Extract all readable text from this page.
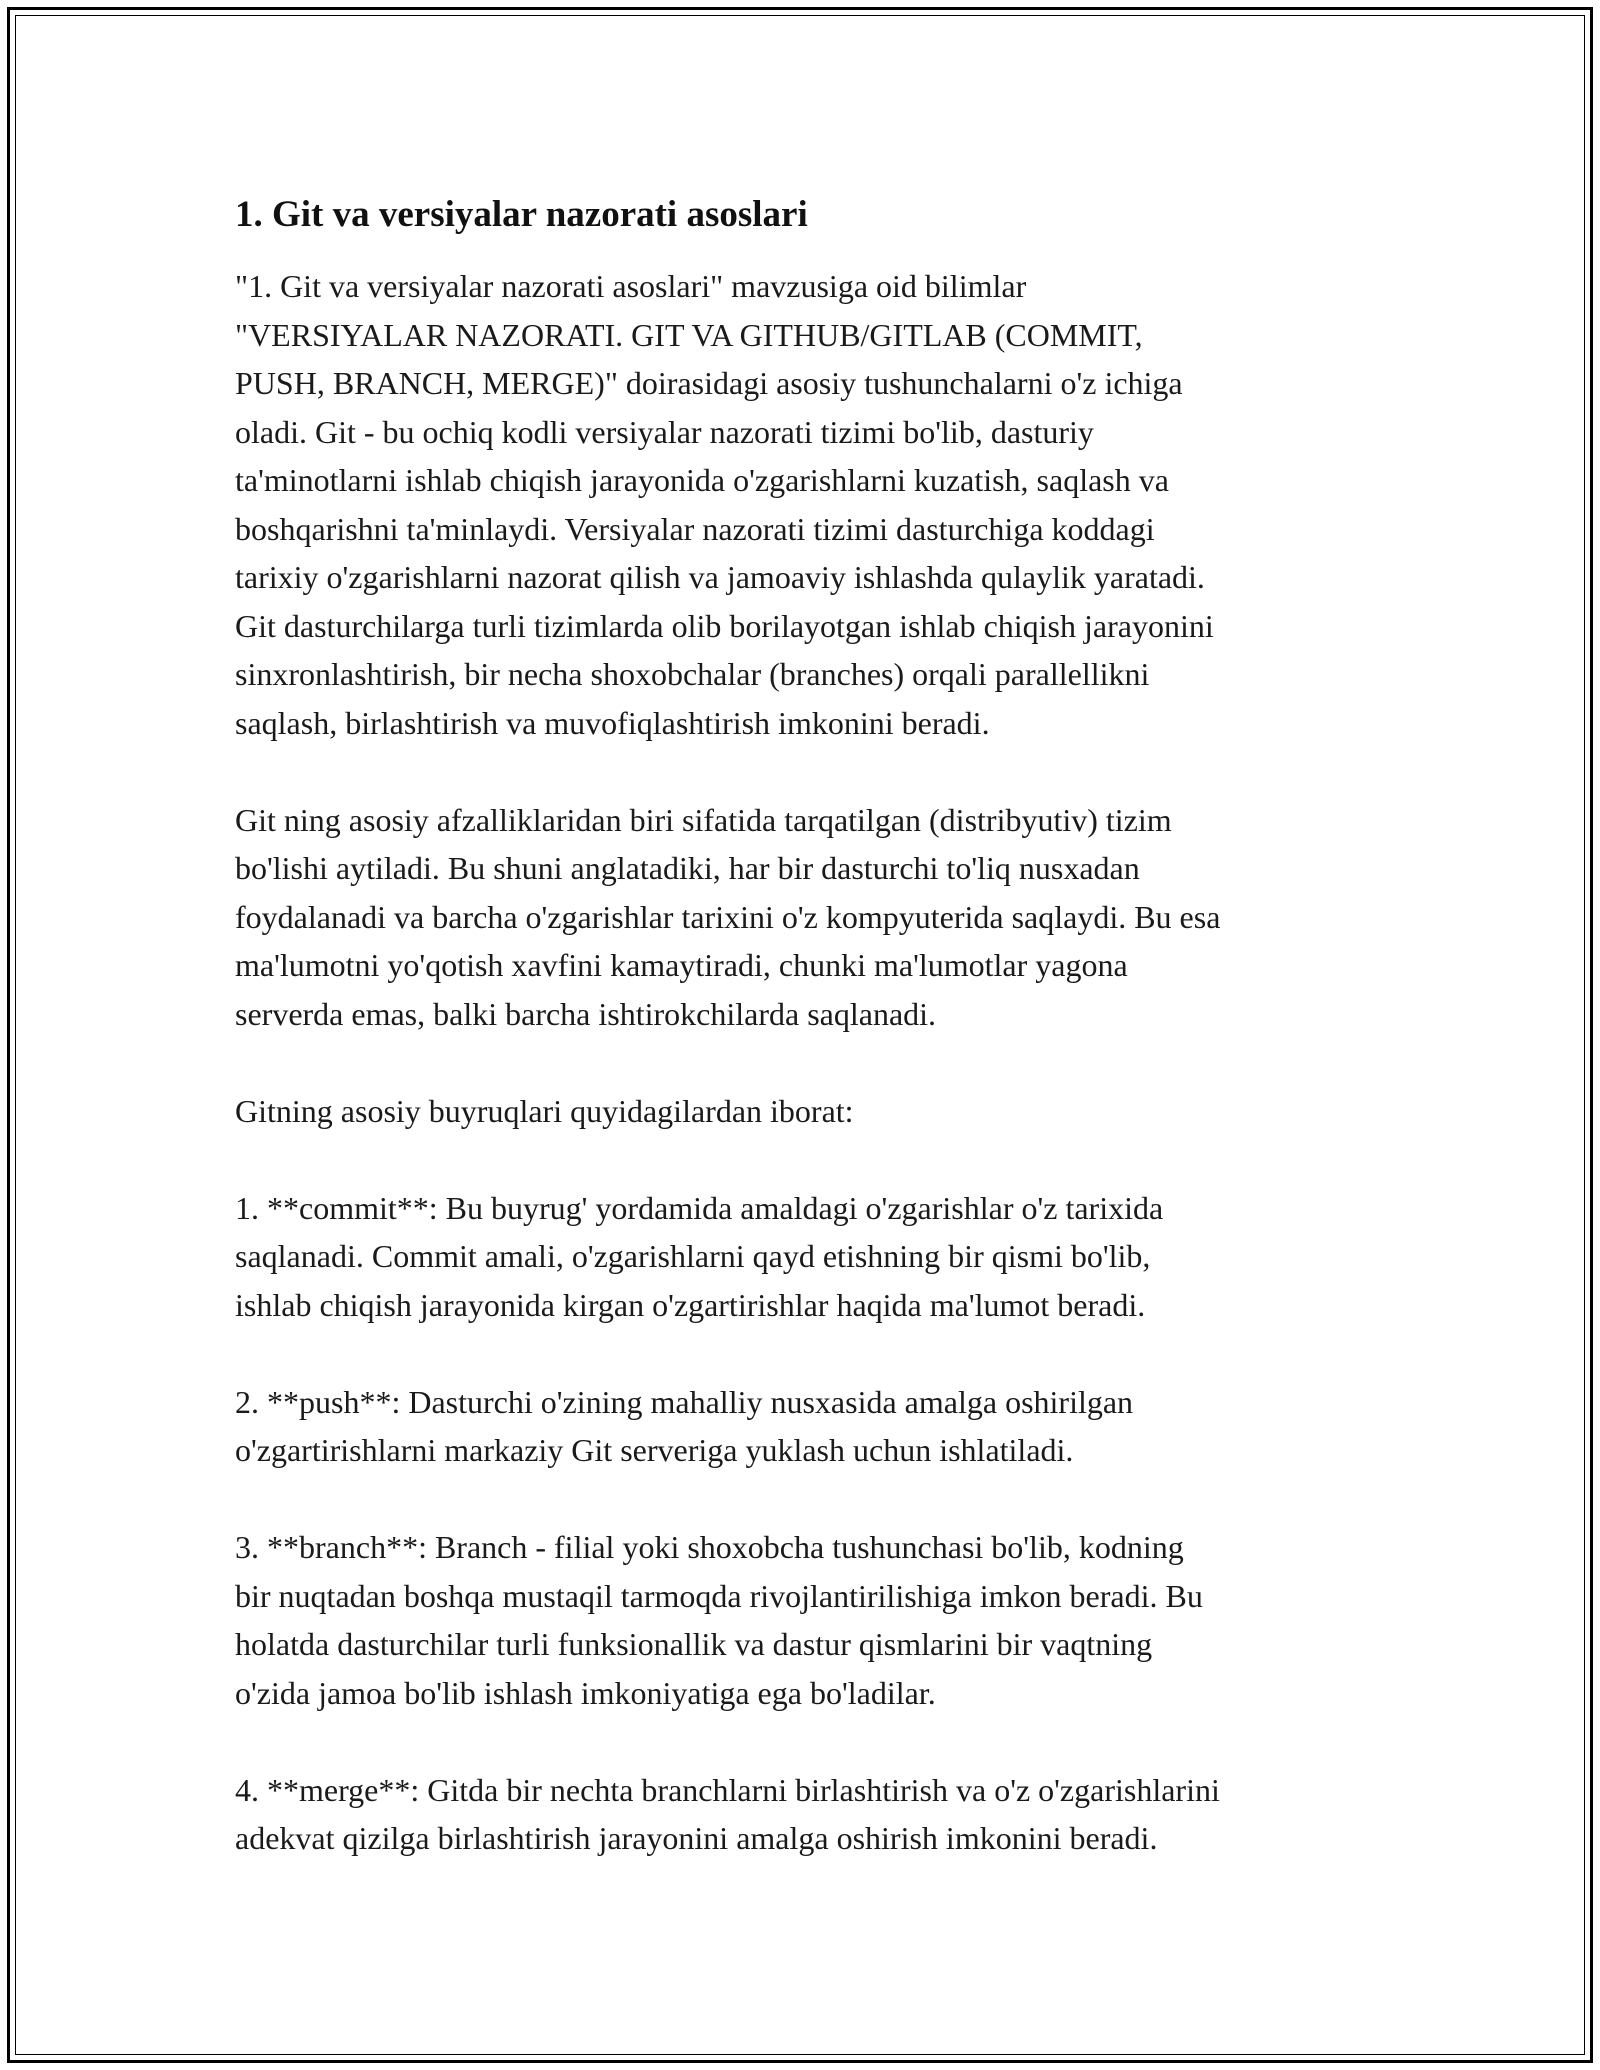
1. Git va versiyalar nazorati asoslari

"1. Git va versiyalar nazorati asoslari" mavzusiga oid bilimlar
"VERSIYALAR NAZORATI. GIT VA GITHUB/GITLAB (COMMIT,
PUSH, BRANCH, MERGE)" doirasidagi asosiy tushunchalarni o'z ichiga
oladi. Git - bu ochiq kodli versiyalar nazorati tizimi bo'lib, dasturiy
ta'minotlarni ishlab chiqish jarayonida o'zgarishlarni kuzatish, saqlash va
boshqarishni ta'minlaydi. Versiyalar nazorati tizimi dasturchiga koddagi
tarixiy o'zgarishlarni nazorat qilish va jamoaviy ishlashda qulaylik yaratadi.
Git dasturchilarga turli tizimlarda olib borilayotgan ishlab chiqish jarayonini
sinxronlashtirish, bir necha shoxobchalar (branches) orqali parallellikni
saqlash, birlashtirish va muvofiqlashtirish imkonini beradi.

Git ning asosiy afzalliklaridan biri sifatida tarqatilgan (distribyutiv) tizim
bo'lishi aytiladi. Bu shuni anglatadiki, har bir dasturchi to'liq nusxadan
foydalanadi va barcha o'zgarishlar tarixini o'z kompyuterida saqlaydi. Bu esa
ma'lumotni yo'qotish xavfini kamaytiradi, chunki ma'lumotlar yagona
serverda emas, balki barcha ishtirokchilarda saqlanadi.

Gitning asosiy buyruqlari quyidagilardan iborat:

1. **commit**: Bu buyrug' yordamida amaldagi o'zgarishlar o'z tarixida
saqlanadi. Commit amali, o'zgarishlarni qayd etishning bir qismi bo'lib,
ishlab chiqish jarayonida kirgan o'zgartirishlar haqida ma'lumot beradi.

2. **push**: Dasturchi o'zining mahalliy nusxasida amalga oshirilgan
o'zgartirishlarni markaziy Git serveriga yuklash uchun ishlatiladi.

3. **branch**: Branch - filial yoki shoxobcha tushunchasi bo'lib, kodning
bir nuqtadan boshqa mustaqil tarmoqda rivojlantirilishiga imkon beradi. Bu
holatda dasturchilar turli funksionallik va dastur qismlarini bir vaqtning
o'zida jamoa bo'lib ishlash imkoniyatiga ega bo'ladilar.

4. **merge**: Gitda bir nechta branchlarni birlashtirish va o'z o'zgarishlarini
adekvat qizilga birlashtirish jarayonini amalga oshirish imkonini beradi.
